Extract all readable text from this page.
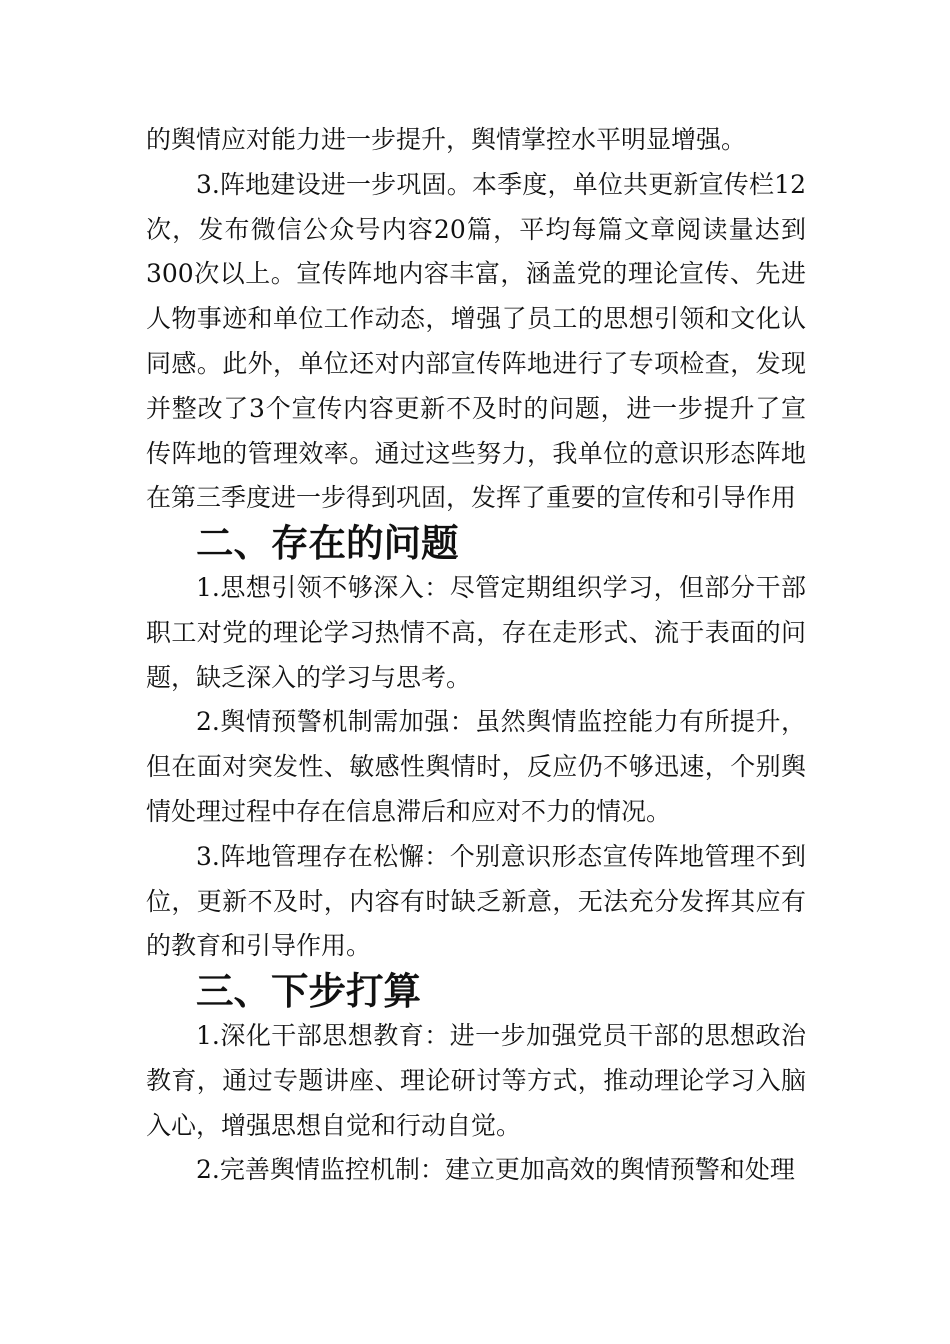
的舆情应对能力进一步提升，舆情掌控水平明显增强。

3.阵地建设进一步巩固。本季度，单位共更新宣传栏12次，发布微信公众号内容20篇，平均每篇文章阅读量达到300次以上。宣传阵地内容丰富，涵盖党的理论宣传、先进人物事迹和单位工作动态，增强了员工的思想引领和文化认同感。此外，单位还对内部宣传阵地进行了专项检查，发现并整改了3个宣传内容更新不及时的问题，进一步提升了宣传阵地的管理效率。通过这些努力，我单位的意识形态阵地在第三季度进一步得到巩固，发挥了重要的宣传和引导作用

二、存在的问题

1.思想引领不够深入：尽管定期组织学习，但部分干部职工对党的理论学习热情不高，存在走形式、流于表面的问题，缺乏深入的学习与思考。

2.舆情预警机制需加强：虽然舆情监控能力有所提升，但在面对突发性、敏感性舆情时，反应仍不够迅速，个别舆情处理过程中存在信息滞后和应对不力的情况。

3.阵地管理存在松懈：个别意识形态宣传阵地管理不到位，更新不及时，内容有时缺乏新意，无法充分发挥其应有的教育和引导作用。

三、下步打算

1.深化干部思想教育：进一步加强党员干部的思想政治教育，通过专题讲座、理论研讨等方式，推动理论学习入脑入心，增强思想自觉和行动自觉。

2.完善舆情监控机制：建立更加高效的舆情预警和处理
